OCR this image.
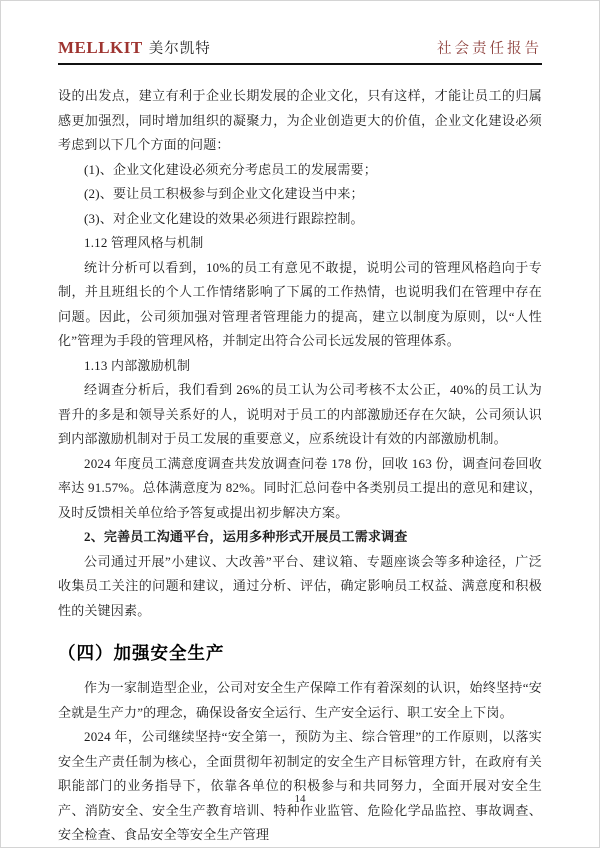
MELLKIT 美尔凯特	社会责任报告

设的出发点，建立有利于企业长期发展的企业文化，只有这样，才能让员工的归属感更加强烈，同时增加组织的凝聚力，为企业创造更大的价值，企业文化建设必须考虑到以下几个方面的问题：

(1)、企业文化建设必须充分考虑员工的发展需要；

(2)、要让员工积极参与到企业文化建设当中来；

(3)、对企业文化建设的效果必须进行跟踪控制。

1.12 管理风格与机制

统计分析可以看到，10%的员工有意见不敢提，说明公司的管理风格趋向于专制，并且班组长的个人工作情绪影响了下属的工作热情，也说明我们在管理中存在问题。因此，公司须加强对管理者管理能力的提高，建立以制度为原则，以“人性化”管理为手段的管理风格，并制定出符合公司长远发展的管理体系。

1.13 内部激励机制

经调查分析后，我们看到 26%的员工认为公司考核不太公正，40%的员工认为晋升的多是和领导关系好的人，说明对于员工的内部激励还存在欠缺，公司须认识到内部激励机制对于员工发展的重要意义，应系统设计有效的内部激励机制。

2024 年度员工满意度调查共发放调查问卷 178 份，回收 163 份，调查问卷回收率达 91.57%。总体满意度为 82%。同时汇总问卷中各类别员工提出的意见和建议，及时反馈相关单位给予答复或提出初步解决方案。

2、完善员工沟通平台，运用多种形式开展员工需求调查

公司通过开展”小建议、大改善”平台、建议箱、专题座谈会等多种途径，广泛收集员工关注的问题和建议，通过分析、评估，确定影响员工权益、满意度和积极性的关键因素。

（四）加强安全生产

作为一家制造型企业，公司对安全生产保障工作有着深刻的认识，始终坚持“安全就是生产力”的理念，确保设备安全运行、生产安全运行、职工安全上下岗。

2024 年，公司继续坚持“安全第一，预防为主、综合管理”的工作原则，以落实安全生产责任制为核心，全面贯彻年初制定的安全生产目标管理方针，在政府有关职能部门的业务指导下，依靠各单位的积极参与和共同努力，全面开展对安全生产、消防安全、安全生产教育培训、特种作业监管、危险化学品监控、事故调查、安全检查、食品安全等安全生产管理

14
